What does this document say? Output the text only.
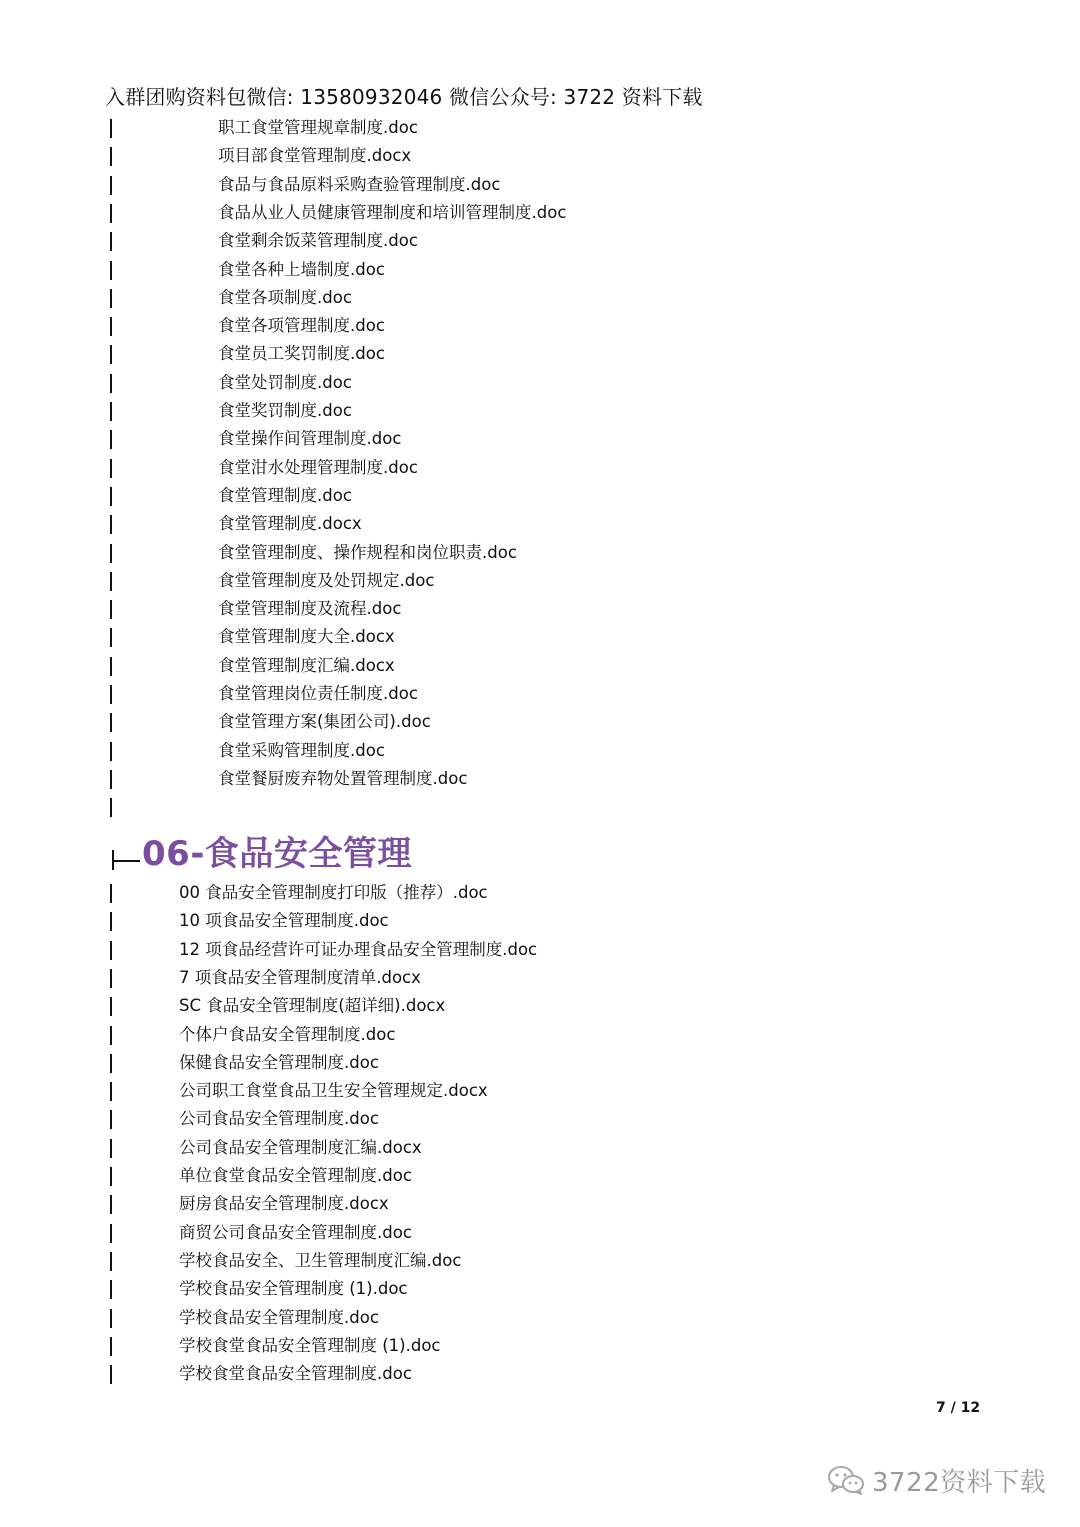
入群团购资料包微信: 13580932046 微信公众号: 3722 资料下载
职工食堂管理规章制度.doc
项目部食堂管理制度.docx
食品与食品原料采购查验管理制度.doc
食品从业人员健康管理制度和培训管理制度.doc
食堂剩余饭菜管理制度.doc
食堂各种上墙制度.doc
食堂各项制度.doc
食堂各项管理制度.doc
食堂员工奖罚制度.doc
食堂处罚制度.doc
食堂奖罚制度.doc
食堂操作间管理制度.doc
食堂泔水处理管理制度.doc
食堂管理制度.doc
食堂管理制度.docx
食堂管理制度、操作规程和岗位职责.doc
食堂管理制度及处罚规定.doc
食堂管理制度及流程.doc
食堂管理制度大全.docx
食堂管理制度汇编.docx
食堂管理岗位责任制度.doc
食堂管理方案(集团公司).doc
食堂采购管理制度.doc
食堂餐厨废弃物处置管理制度.doc
06-食品安全管理
00 食品安全管理制度打印版（推荐）.doc
10 项食品安全管理制度.doc
12 项食品经营许可证办理食品安全管理制度.doc
7 项食品安全管理制度清单.docx
SC 食品安全管理制度(超详细).docx
个体户食品安全管理制度.doc
保健食品安全管理制度.doc
公司职工食堂食品卫生安全管理规定.docx
公司食品安全管理制度.doc
公司食品安全管理制度汇编.docx
单位食堂食品安全管理制度.doc
厨房食品安全管理制度.docx
商贸公司食品安全管理制度.doc
学校食品安全、卫生管理制度汇编.doc
学校食品安全管理制度 (1).doc
学校食品安全管理制度.doc
学校食堂食品安全管理制度 (1).doc
学校食堂食品安全管理制度.doc
7 / 12
3722资料下载
